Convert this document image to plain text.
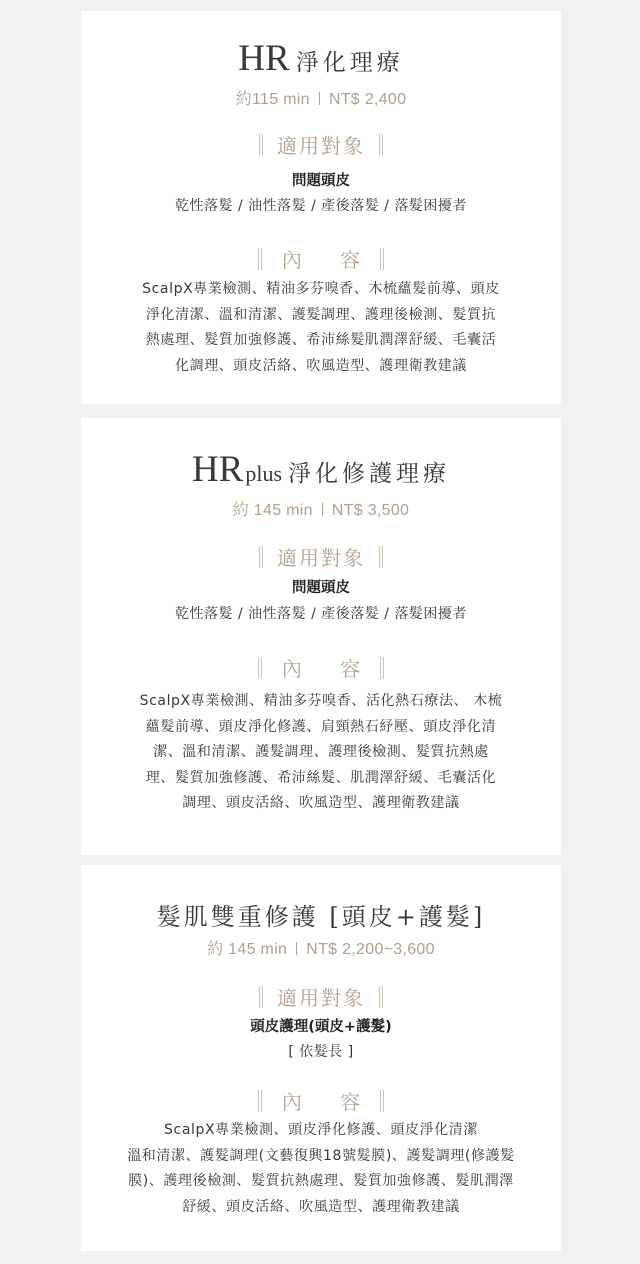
HR 淨化理療
約115 min NT$ 2,400
適用對象
問題頭皮
乾性落髮 / 油性落髮 / 產後落髮 / 落髮困擾者
內 容
ScalpX專業檢測、精油多芬嗅香、木梳蘊髮前導、頭皮
淨化清潔、溫和清潔、護髮調理、護理後檢測、髮質抗
熱處理、髮質加強修護、希沛絲髮肌潤澤舒緩、毛囊活
化調理、頭皮活絡、吹風造型、護理衛教建議
HRplus 淨化修護理療
約 145 min NT$ 3,500
適用對象
問題頭皮
乾性落髮 / 油性落髮 / 產後落髮 / 落髮困擾者
內 容
ScalpX專業檢測、精油多芬嗅香、活化熱石療法、 木梳
蘊髮前導、頭皮淨化修護、肩頸熱石紓壓、頭皮淨化清
潔、溫和清潔、護髮調理、護理後檢測、髮質抗熱處
理、髮質加強修護、希沛絲髮、肌潤澤舒緩、毛囊活化
調理、頭皮活絡、吹風造型、護理衛教建議
髮肌雙重修護 [頭皮+護髮]
約 145 min NT$ 2,200~3,600
適用對象
頭皮護理(頭皮+護髮)
[ 依髮長 ]
內 容
ScalpX專業檢測、頭皮淨化修護、頭皮淨化清潔
溫和清潔、護髮調理(文藝復興18號髮膜)、護髮調理(修護髮
膜)、護理後檢測、髮質抗熱處理、髮質加強修護、髮肌潤澤
舒緩、頭皮活絡、吹風造型、護理衛教建議
